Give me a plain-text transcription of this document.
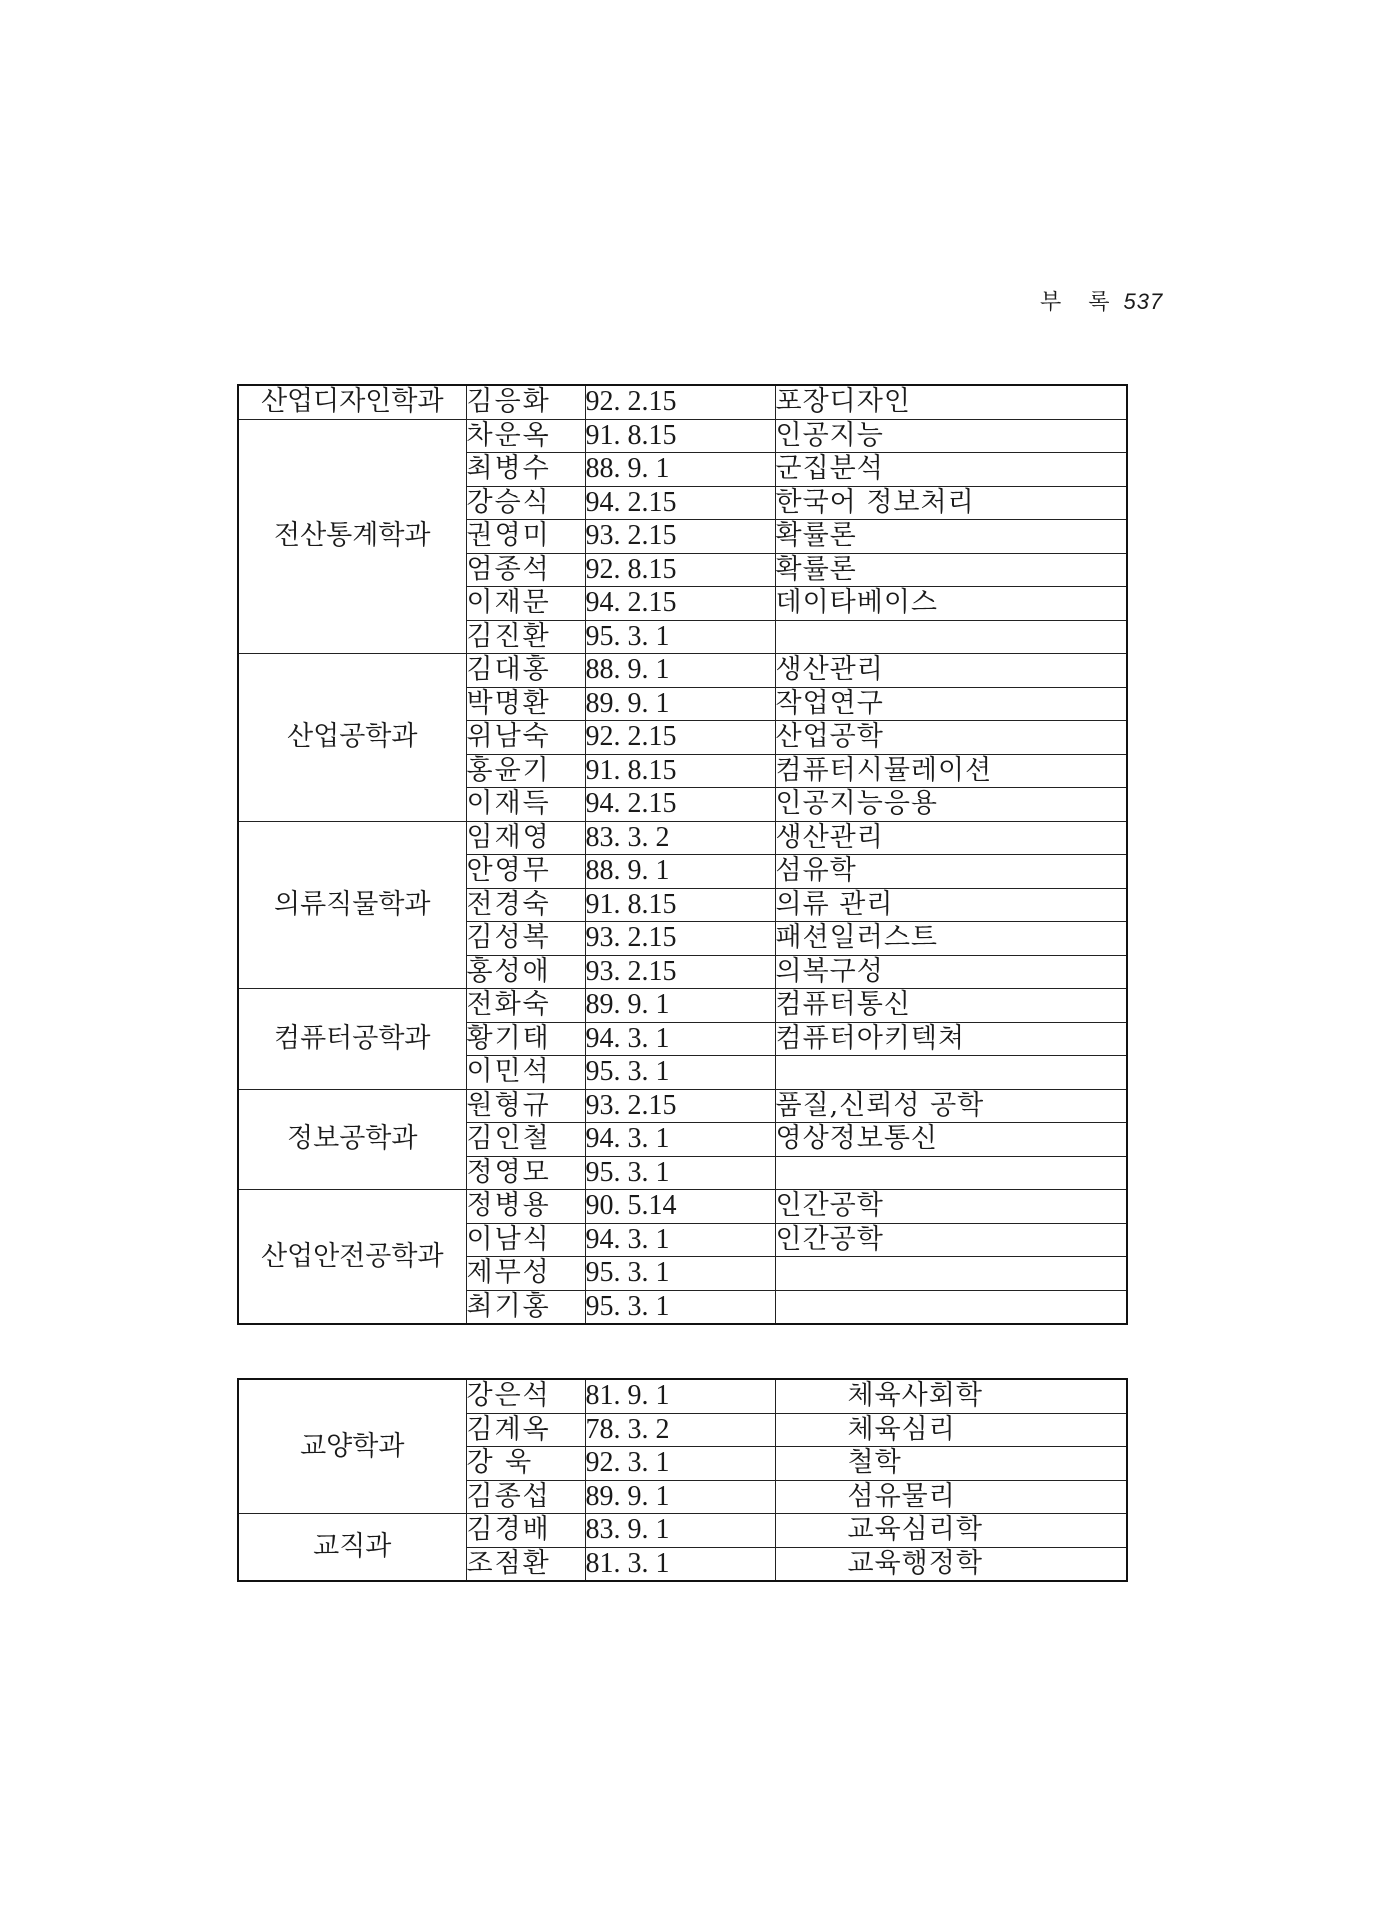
부 록 537
산업디자인학과	김응화	92. 2.15	포장디자인
전산통계학과	차운옥	91. 8.15	인공지능
	최병수	88. 9. 1	군집분석
	강승식	94. 2.15	한국어 정보처리
	권영미	93. 2.15	확률론
	엄종석	92. 8.15	확률론
	이재문	94. 2.15	데이타베이스
	김진환	95. 3. 1	
산업공학과	김대홍	88. 9. 1	생산관리
	박명환	89. 9. 1	작업연구
	위남숙	92. 2.15	산업공학
	홍윤기	91. 8.15	컴퓨터시뮬레이션
	이재득	94. 2.15	인공지능응용
의류직물학과	임재영	83. 3. 2	생산관리
	안영무	88. 9. 1	섬유학
	전경숙	91. 8.15	의류 관리
	김성복	93. 2.15	패션일러스트
	홍성애	93. 2.15	의복구성
컴퓨터공학과	전화숙	89. 9. 1	컴퓨터통신
	황기태	94. 3. 1	컴퓨터아키텍쳐
	이민석	95. 3. 1	
정보공학과	원형규	93. 2.15	품질,신뢰성 공학
	김인철	94. 3. 1	영상정보통신
	정영모	95. 3. 1	
산업안전공학과	정병용	90. 5.14	인간공학
	이남식	94. 3. 1	인간공학
	제무성	95. 3. 1	
	최기홍	95. 3. 1	
교양학과	강은석	81. 9. 1	체육사회학
	김계옥	78. 3. 2	체육심리
	강 욱	92. 3. 1	철학
	김종섭	89. 9. 1	섬유물리
교직과	김경배	83. 9. 1	교육심리학
	조점환	81. 3. 1	교육행정학
